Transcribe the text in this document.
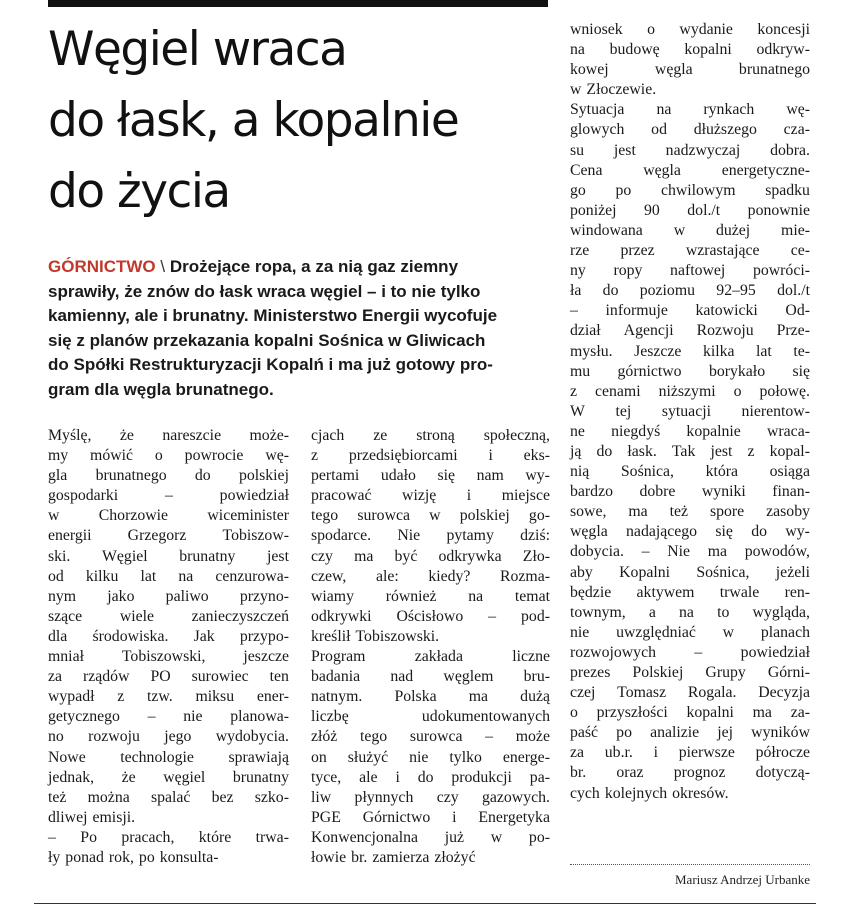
Węgiel wraca
do łask, a kopalnie
do życia
GÓRNICTWO \ Drożejące ropa, a za nią gaz ziemny
sprawiły, że znów do łask wraca węgiel – i to nie tylko
kamienny, ale i brunatny. Ministerstwo Energii wycofuje
się z planów przekazania kopalni Sośnica w Gliwicach
do Spółki Restrukturyzacji Kopalń i ma już gotowy pro-
gram dla węgla brunatnego.
Myślę, że nareszcie może-
my mówić o powrocie wę-
gla brunatnego do polskiej
gospodarki	–	powiedział
w Chorzowie wiceminister
energii Grzegorz Tobiszow-
ski. Węgiel brunatny jest
od kilku lat na cenzurowa-
nym jako paliwo przyno-
szące wiele zanieczyszczeń
dla środowiska. Jak przypo-
mniał Tobiszowski, jeszcze
za rządów PO surowiec ten
wypadł z tzw. miksu ener-
getycznego – nie planowa-
no rozwoju jego wydobycia.
Nowe technologie sprawiają
jednak, że węgiel brunatny
też można spalać bez szko-
dliwej emisji.
– Po pracach, które trwa-
ły ponad rok, po konsulta-
cjach ze stroną społeczną,
z przedsiębiorcami i eks-
pertami udało się nam wy-
pracować wizję i miejsce
tego surowca w polskiej go-
spodarce. Nie pytamy dziś:
czy ma być odkrywka Zło-
czew, ale: kiedy? Rozma-
wiamy również na temat
odkrywki Ościsłowo – pod-
kreślił Tobiszowski.
Program	zakłada	liczne
badania nad węglem bru-
natnym. Polska ma dużą
liczbę	udokumentowanych
złóż tego surowca – może
on służyć nie tylko energe-
tyce, ale i do produkcji pa-
liw płynnych czy gazowych.
PGE Górnictwo i Energetyka
Konwencjonalna już w po-
łowie br. zamierza złożyć
wniosek o wydanie koncesji
na budowę kopalni odkryw-
kowej	węgla	brunatnego
w Złoczewie.
Sytuacja na rynkach wę-
glowych od dłuższego cza-
su jest nadzwyczaj dobra.
Cena	węgla	energetyczne-
go po chwilowym spadku
poniżej 90 dol./t ponownie
windowana w dużej mie-
rze przez wzrastające ce-
ny ropy naftowej powróci-
ła do poziomu 92–95 dol./t
– informuje katowicki Od-
dział Agencji Rozwoju Prze-
mysłu. Jeszcze kilka lat te-
mu górnictwo borykało się
z cenami niższymi o połowę.
W tej sytuacji nierentow-
ne niegdyś kopalnie wraca-
ją do łask. Tak jest z kopal-
nią Sośnica, która osiąga
bardzo dobre wyniki finan-
sowe, ma też spore zasoby
węgla nadającego się do wy-
dobycia. – Nie ma powodów,
aby Kopalni Sośnica, jeżeli
będzie aktywem trwale ren-
townym, a na to wygląda,
nie uwzględniać w planach
rozwojowych – powiedział
prezes Polskiej Grupy Górni-
czej Tomasz Rogala. Decyzja
o przyszłości kopalni ma za-
paść po analizie jej wyników
za ub.r. i pierwsze półrocze
br. oraz prognoz dotyczą-
cych kolejnych okresów.
Mariusz Andrzej Urbanke
